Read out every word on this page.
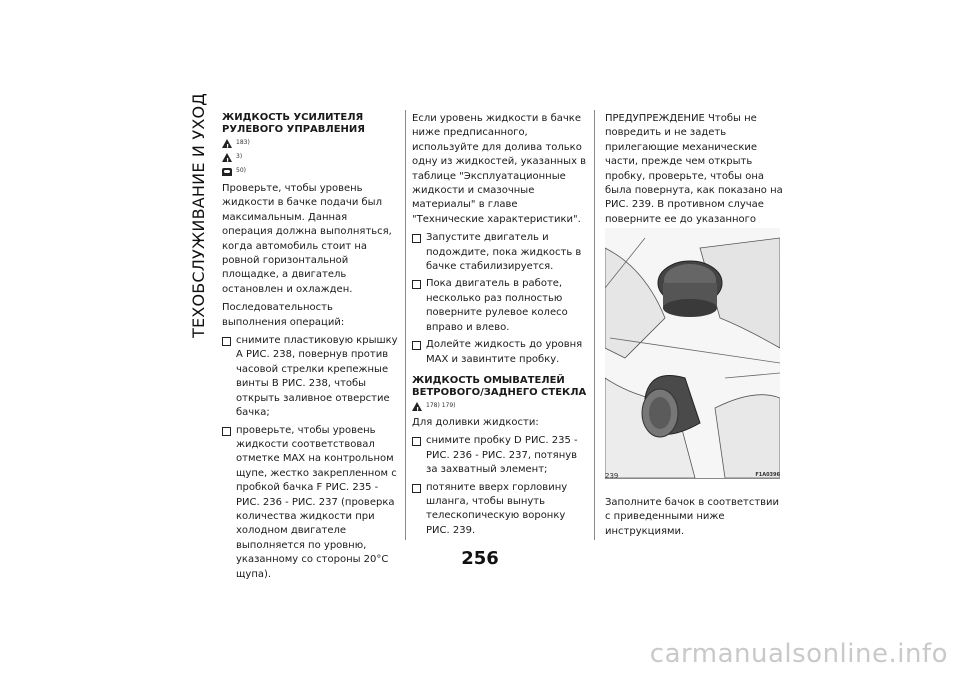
ТЕХОБСЛУЖИВАНИЕ И УХОД ЖИДКОСТЬ УСИЛИТЕЛЯ РУЛЕВОГО УПРАВЛЕНИЯ
!
183)
!
3)
50)

Проверьте, чтобы уровень жидкости в бачке подачи был максимальным. Данная операция должна выполняться, когда автомобиль стоит на ровной горизонтальной площадке, а двигатель остановлен и охлажден.

Последовательность выполнения операций:

снимите пластиковую крышку A РИС. 238, повернув против часовой стрелки крепежные винты B РИС. 238, чтобы открыть заливное отверстие бачка;
проверьте, чтобы уровень жидкости соответствовал отметке MAX на контрольном щупе, жестко закрепленном с пробкой бачка F РИС. 235 - РИС. 236 - РИС. 237 (проверка количества жидкости при холодном двигателе выполняется по уровню, указанному со стороны 20°C щупа).

Если уровень жидкости в бачке ниже предписанного, используйте для долива только одну из жидкостей, указанных в таблице "Эксплуатационные жидкости и смазочные материалы" в главе "Технические характеристики".

Запустите двигатель и подождите, пока жидкость в бачке стабилизируется.
Пока двигатель в работе, несколько раз полностью поверните рулевое колесо вправо и влево.
Долейте жидкость до уровня MAX и завинтите пробку.
ЖИДКОСТЬ ОМЫВАТЕЛЕЙ ВЕТРОВОГО/ЗАДНЕГО СТЕКЛА
!
178) 179)

Для доливки жидкости:

снимите пробку D РИС. 235 - РИС. 236 - РИС. 237, потянув за захватный элемент;
потяните вверх горловину шланга, чтобы вынуть телескопическую воронку РИС. 239.

ПРЕДУПРЕЖДЕНИЕ Чтобы не повредить и не задеть прилегающие механические части, прежде чем открыть пробку, проверьте, чтобы она была повернута, как показано на РИС. 239. В противном случае поверните ее до указанного

239	F1A0396

Заполните бачок в соответствии с приведенными ниже инструкциями.

256
carmanualsonline.info
